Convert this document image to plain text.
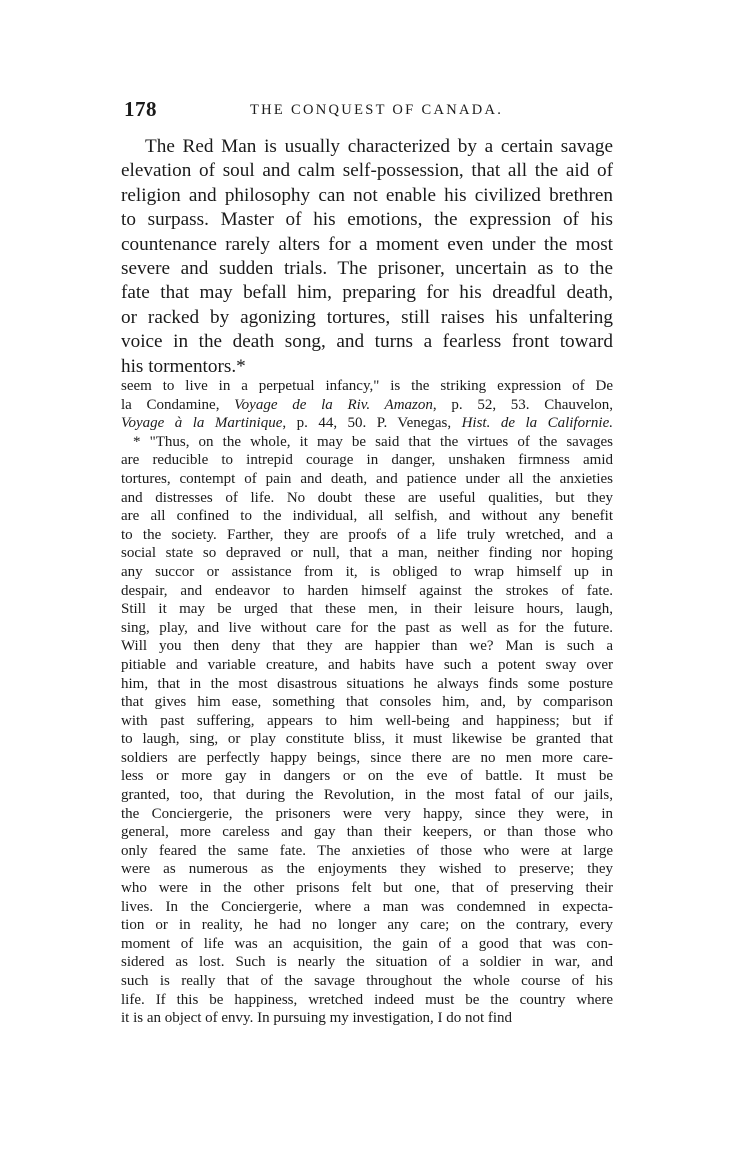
178	THE CONQUEST OF CANADA.
The Red Man is usually characterized by a certain savage
elevation of soul and calm self-possession, that all the aid of
religion and philosophy can not enable his civilized brethren
to surpass. Master of his emotions, the expression of his
countenance rarely alters for a moment even under the most
severe and sudden trials. The prisoner, uncertain as to the
fate that may befall him, preparing for his dreadful death,
or racked by agonizing tortures, still raises his unfaltering
voice in the death song, and turns a fearless front toward
his tormentors.*
seem to live in a perpetual infancy," is the striking expression of De
la Condamine, Voyage de la Riv. Amazon, p. 52, 53. Chauvelon,
Voyage à la Martinique, p. 44, 50. P. Venegas, Hist. de la Californie.
* "Thus, on the whole, it may be said that the virtues of the savages
are reducible to intrepid courage in danger, unshaken firmness amid
tortures, contempt of pain and death, and patience under all the anxieties
and distresses of life. No doubt these are useful qualities, but they
are all confined to the individual, all selfish, and without any benefit
to the society. Farther, they are proofs of a life truly wretched, and a
social state so depraved or null, that a man, neither finding nor hoping
any succor or assistance from it, is obliged to wrap himself up in
despair, and endeavor to harden himself against the strokes of fate.
Still it may be urged that these men, in their leisure hours, laugh,
sing, play, and live without care for the past as well as for the future.
Will you then deny that they are happier than we? Man is such a
pitiable and variable creature, and habits have such a potent sway over
him, that in the most disastrous situations he always finds some posture
that gives him ease, something that consoles him, and, by comparison
with past suffering, appears to him well-being and happiness; but if
to laugh, sing, or play constitute bliss, it must likewise be granted that
soldiers are perfectly happy beings, since there are no men more care-
less or more gay in dangers or on the eve of battle. It must be
granted, too, that during the Revolution, in the most fatal of our jails,
the Conciergerie, the prisoners were very happy, since they were, in
general, more careless and gay than their keepers, or than those who
only feared the same fate. The anxieties of those who were at large
were as numerous as the enjoyments they wished to preserve; they
who were in the other prisons felt but one, that of preserving their
lives. In the Conciergerie, where a man was condemned in expecta-
tion or in reality, he had no longer any care; on the contrary, every
moment of life was an acquisition, the gain of a good that was con-
sidered as lost. Such is nearly the situation of a soldier in war, and
such is really that of the savage throughout the whole course of his
life. If this be happiness, wretched indeed must be the country where
it is an object of envy. In pursuing my investigation, I do not find
